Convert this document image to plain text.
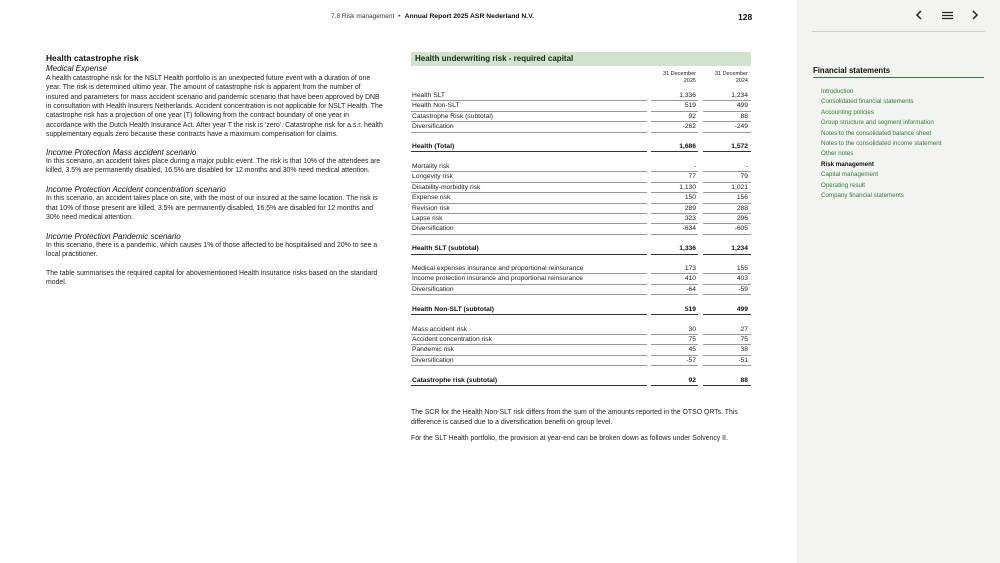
7.8 Risk management • Annual Report 2025 ASR Nederland N.V.	128
Health catastrophe risk
Medical Expense

A health catastrophe risk for the NSLT Health portfolio is an unexpected future event with a duration of one year. The risk is determined ultimo year. The amount of catastrophe risk is apparent from the number of insured and parameters for mass accident scenario and pandemic scenario that have been approved by DNB in consultation with Health Insurers Netherlands. Accident concentration is not applicable for NSLT Health. The catastrophe risk has a projection of one year (T) following from the contract boundary of one year in accordance with the Dutch Health Insurance Act. After year T the risk is ‘zero’. Catastrophe risk for a.s.r. health supplementary equals zero because these contracts have a maximum compensation for claims.

Income Protection Mass accident scenario
In this scenario, an accident takes place during a major public event. The risk is that 10% of the attendees are killed, 3.5% are permanently disabled, 16.5% are disabled for 12 months and 30% need medical attention.
Income Protection Accident concentration scenario
In this scenario, an accident takes place on site, with the most of our insured at the same location. The risk is that 10% of those present are killed, 3.5% are permanently disabled, 16.5% are disabled for 12 months and 30% need medical attention.
Income Protection Pandemic scenario
In this scenario, there is a pandemic, which causes 1% of those affected to be hospitalised and 20% to see a local practitioner.

The table summarises the required capital for abovementioned Health insurance risks based on the standard model.

Health underwriting risk - required capital
31 December 2025
31 December 2024
Health SLT	1,336	1,234
Health Non-SLT	519	499
Catastrophe Risk (subtotal)	92	88
Diversification	-262	-249
Health (Total)	1,686	1,572
Mortality risk	-	-
Longevity risk	77	79
Disability-morbidity risk	1,130	1,021
Expense risk	150	156
Revision risk	289	288
Lapse risk	323	296
Diversification	-634	-605
Health SLT (subtotal)	1,336	1,234
Medical expenses insurance and proportional reinsurance	173	155
Income protection insurance and proportional reinsurance	410	403
Diversification	-64	-59
Health Non-SLT (subtotal)	519	499
Mass accident risk	30	27
Accident concentration risk	75	75
Pandemic risk	45	38
Diversification	-57	-51
Catastrophe risk (subtotal)	92	88

The SCR for the Health Non-SLT risk differs from the sum of the amounts reported in the OTSO QRTs. This difference is caused due to a diversification benefit on group level.

For the SLT Health portfolio, the provision at year-end can be broken down as follows under Solvency II.

Financial statements
Introduction
Consolidated financial statements
Accounting policies
Group structure and segment information
Notes to the consolidated balance sheet
Notes to the consolidated income statement
Other notes
Risk management
Capital management
Operating result
Company financial statements
